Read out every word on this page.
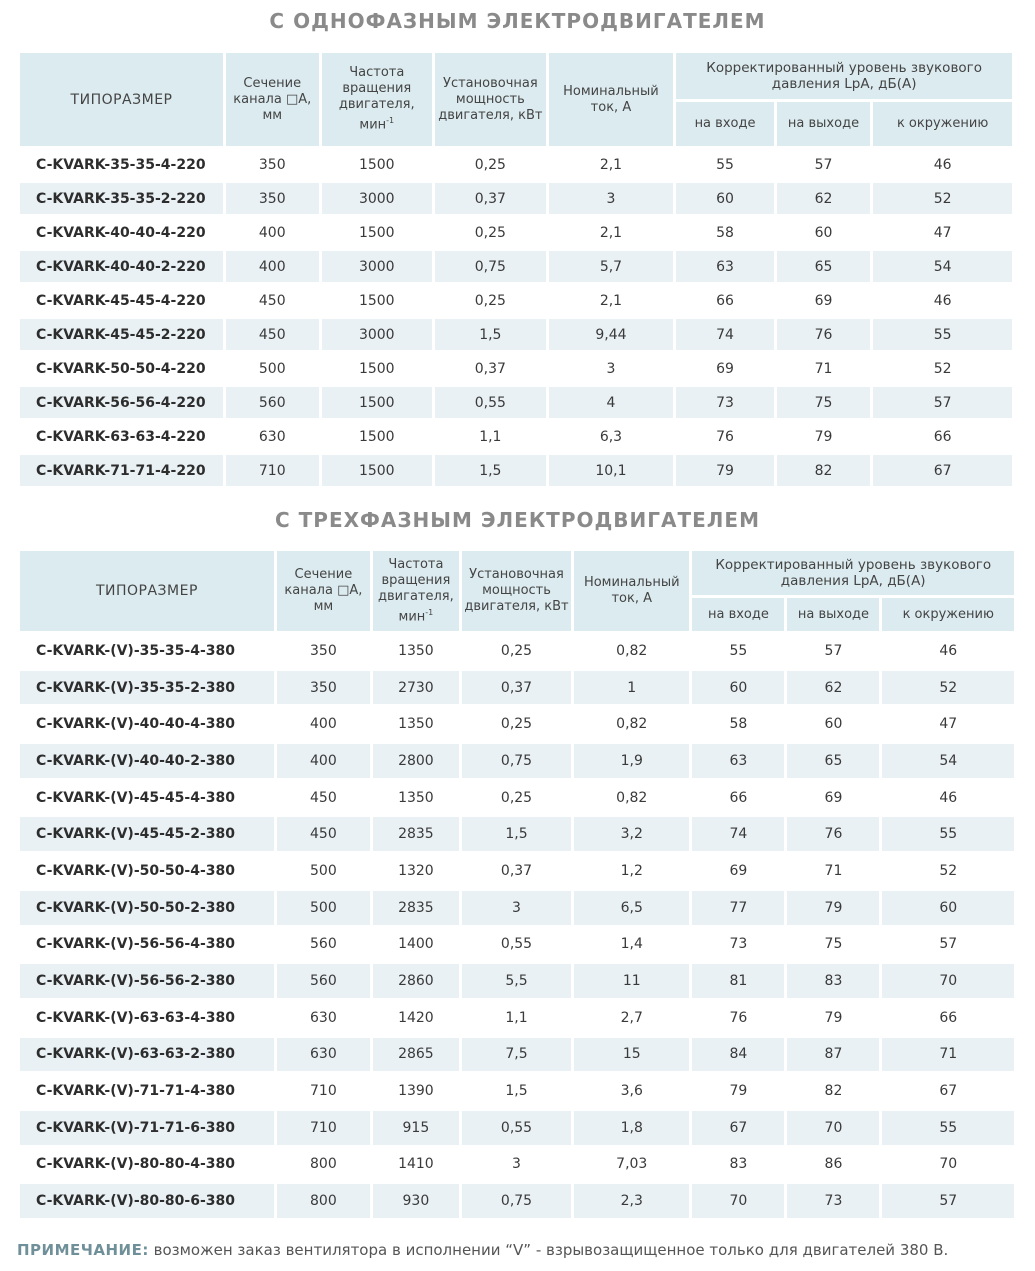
С ОДНОФАЗНЫМ ЭЛЕКТРОДВИГАТЕЛЕМ
ТИПОРАЗМЕР	Сечение канала □A, мм	Частота вращения двигателя, мин$^{-1}$	Установочная мощность двигателя, кВт	Номинальный ток, А	Корректированный уровень звукового давления LpA, дБ(А)		
					на входе	на выходе	к окружению
C-KVARK-35-35-4-220	350	1500	0,25	2,1	55	57	46
C-KVARK-35-35-2-220	350	3000	0,37	3	60	62	52
C-KVARK-40-40-4-220	400	1500	0,25	2,1	58	60	47
C-KVARK-40-40-2-220	400	3000	0,75	5,7	63	65	54
C-KVARK-45-45-4-220	450	1500	0,25	2,1	66	69	46
C-KVARK-45-45-2-220	450	3000	1,5	9,44	74	76	55
C-KVARK-50-50-4-220	500	1500	0,37	3	69	71	52
C-KVARK-56-56-4-220	560	1500	0,55	4	73	75	57
C-KVARK-63-63-4-220	630	1500	1,1	6,3	76	79	66
C-KVARK-71-71-4-220	710	1500	1,5	10,1	79	82	67
С ТРЕХФАЗНЫМ ЭЛЕКТРОДВИГАТЕЛЕМ
ТИПОРАЗМЕР	Сечение канала □A, мм	Частота вращения двигателя, мин$^{-1}$	Установочная мощность двигателя, кВт	Номинальный ток, А	Корректированный уровень звукового давления LpA, дБ(А)		
					на входе	на выходе	к окружению
C-KVARK-(V)-35-35-4-380	350	1350	0,25	0,82	55	57	46
C-KVARK-(V)-35-35-2-380	350	2730	0,37	1	60	62	52
C-KVARK-(V)-40-40-4-380	400	1350	0,25	0,82	58	60	47
C-KVARK-(V)-40-40-2-380	400	2800	0,75	1,9	63	65	54
C-KVARK-(V)-45-45-4-380	450	1350	0,25	0,82	66	69	46
C-KVARK-(V)-45-45-2-380	450	2835	1,5	3,2	74	76	55
C-KVARK-(V)-50-50-4-380	500	1320	0,37	1,2	69	71	52
C-KVARK-(V)-50-50-2-380	500	2835	3	6,5	77	79	60
C-KVARK-(V)-56-56-4-380	560	1400	0,55	1,4	73	75	57
C-KVARK-(V)-56-56-2-380	560	2860	5,5	11	81	83	70
C-KVARK-(V)-63-63-4-380	630	1420	1,1	2,7	76	79	66
C-KVARK-(V)-63-63-2-380	630	2865	7,5	15	84	87	71
C-KVARK-(V)-71-71-4-380	710	1390	1,5	3,6	79	82	67
C-KVARK-(V)-71-71-6-380	710	915	0,55	1,8	67	70	55
C-KVARK-(V)-80-80-4-380	800	1410	3	7,03	83	86	70
C-KVARK-(V)-80-80-6-380	800	930	0,75	2,3	70	73	57
ПРИМЕЧАНИЕ: возможен заказ вентилятора в исполнении “V” - взрывозащищенное только для двигателей 380 В.
